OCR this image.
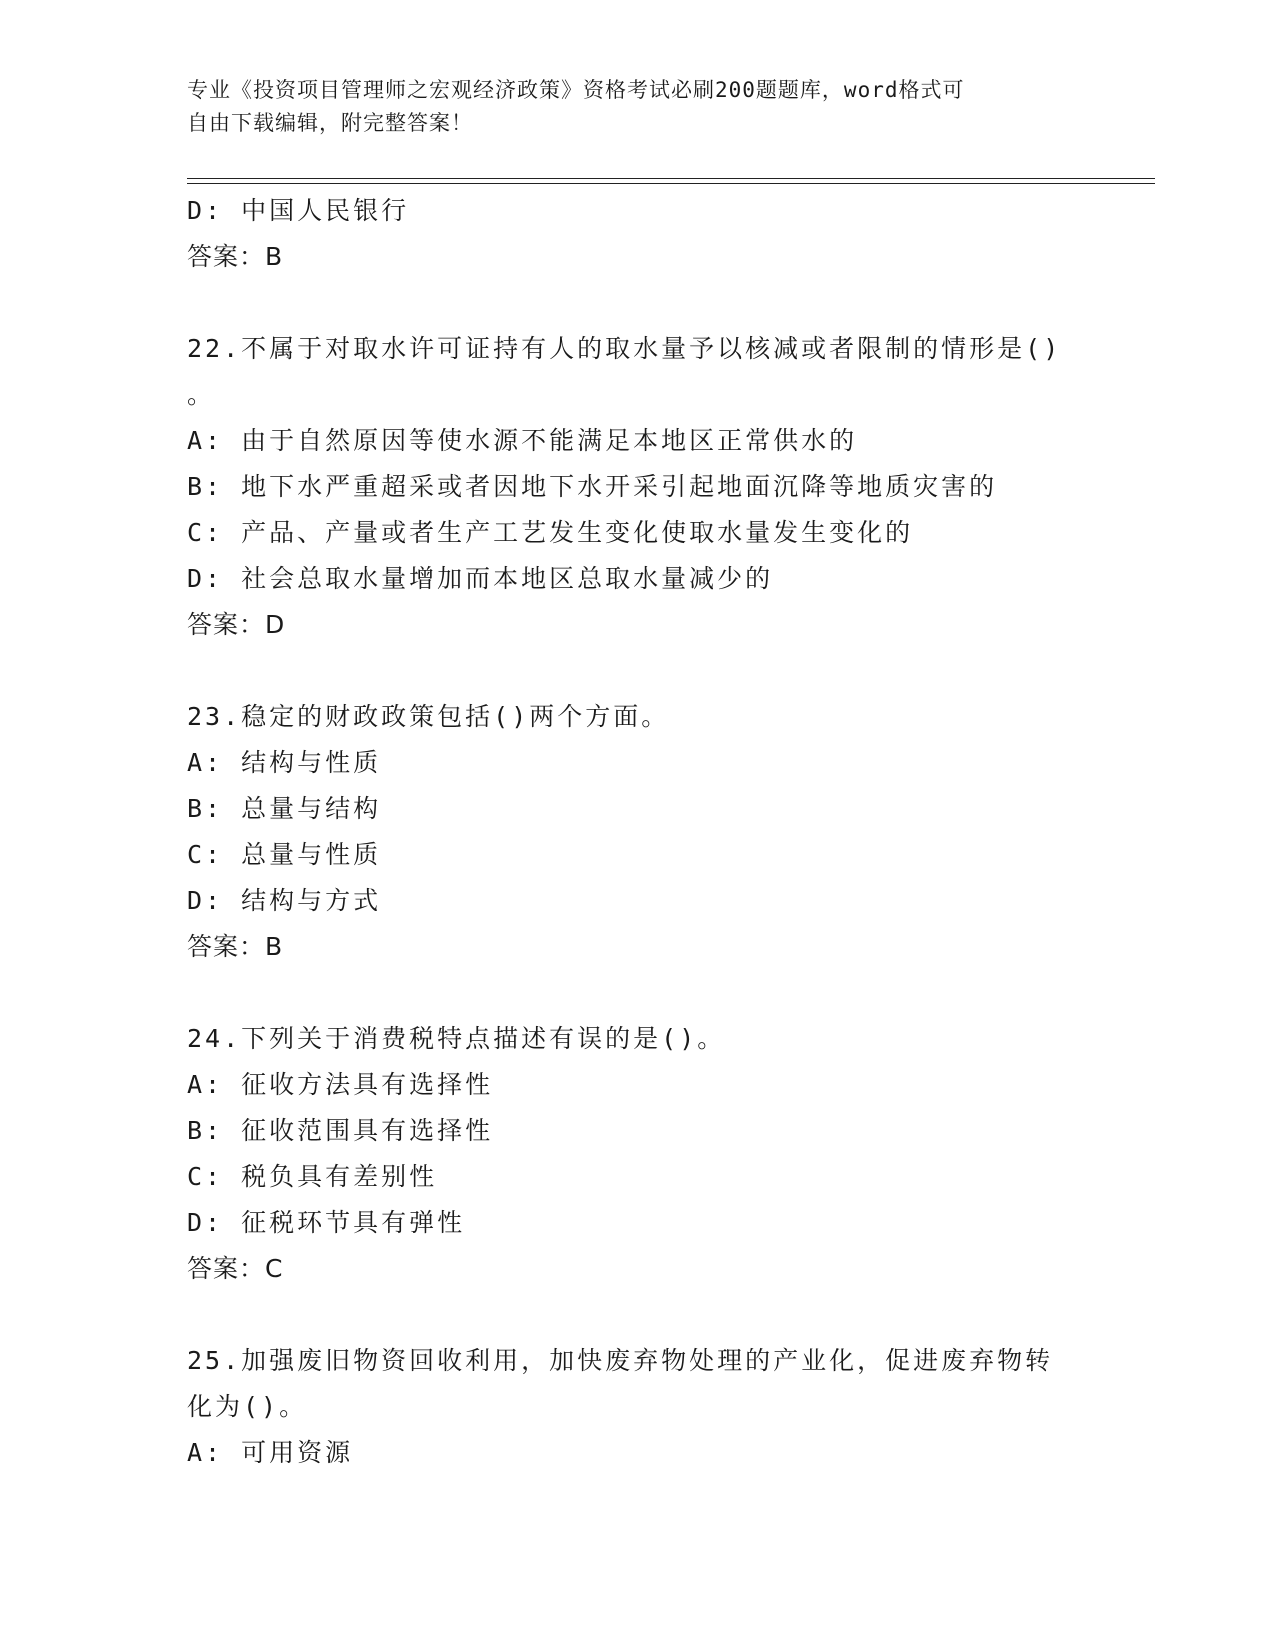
专业《投资项目管理师之宏观经济政策》资格考试必刷200题题库，word格式可
自由下载编辑，附完整答案！
D: 中国人民银行
答案：B
22.不属于对取水许可证持有人的取水量予以核减或者限制的情形是()
。
A: 由于自然原因等使水源不能满足本地区正常供水的
B: 地下水严重超采或者因地下水开采引起地面沉降等地质灾害的
C: 产品、产量或者生产工艺发生变化使取水量发生变化的
D: 社会总取水量增加而本地区总取水量减少的
答案：D
23.稳定的财政政策包括()两个方面。
A: 结构与性质
B: 总量与结构
C: 总量与性质
D: 结构与方式
答案：B
24.下列关于消费税特点描述有误的是()。
A: 征收方法具有选择性
B: 征收范围具有选择性
C: 税负具有差别性
D: 征税环节具有弹性
答案：C
25.加强废旧物资回收利用，加快废弃物处理的产业化，促进废弃物转
化为()。
A: 可用资源
